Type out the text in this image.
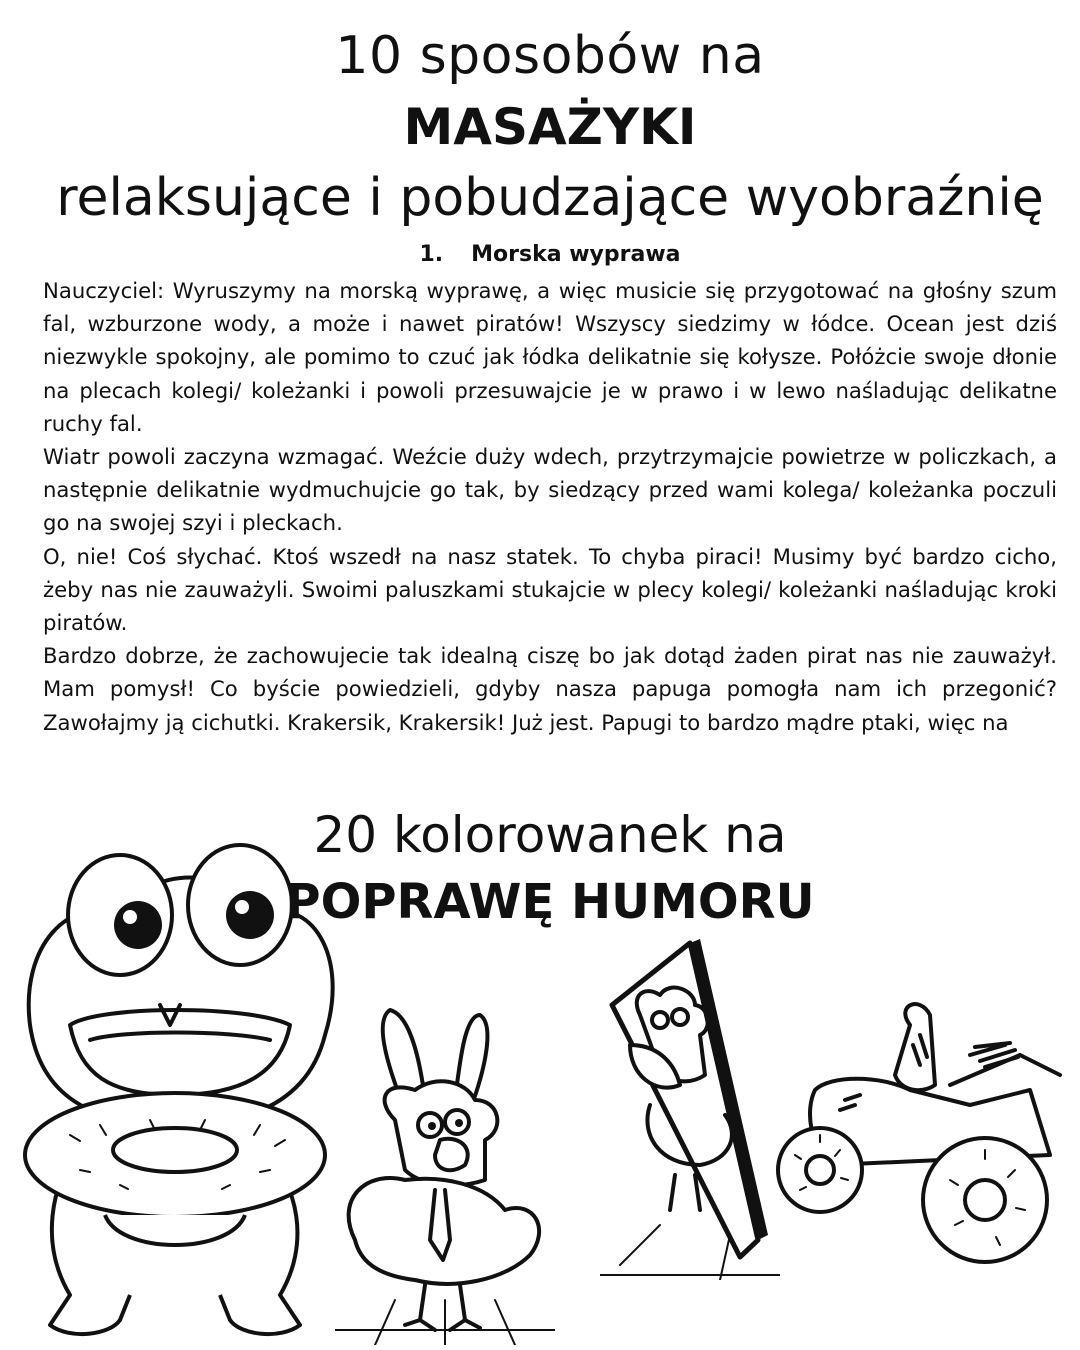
10 sposobów na
MASAŻYKI
relaksujące i pobudzające wyobraźnię
1. Morska wyprawa

Nauczyciel: Wyruszymy na morską wyprawę, a więc musicie się przygotować na głośny szum fal, wzburzone wody, a może i nawet piratów! Wszyscy siedzimy w łódce. Ocean jest dziś niezwykle spokojny, ale pomimo to czuć jak łódka delikatnie się kołysze. Połóżcie swoje dłonie na plecach kolegi/ koleżanki i powoli przesuwajcie je w prawo i w lewo naśladując delikatne ruchy fal.

Wiatr powoli zaczyna wzmagać. Weźcie duży wdech, przytrzymajcie powietrze w policzkach, a następnie delikatnie wydmuchujcie go tak, by siedzący przed wami kolega/ koleżanka poczuli go na swojej szyi i pleckach.

O, nie! Coś słychać. Ktoś wszedł na nasz statek. To chyba piraci! Musimy być bardzo cicho, żeby nas nie zauważyli. Swoimi paluszkami stukajcie w plecy kolegi/ koleżanki naśladując kroki piratów.

Bardzo dobrze, że zachowujecie tak idealną ciszę bo jak dotąd żaden pirat nas nie zauważył. Mam pomysł! Co byście powiedzieli, gdyby nasza papuga pomogła nam ich przegonić? Zawołajmy ją cichutki. Krakersik, Krakersik! Już jest. Papugi to bardzo mądre ptaki, więc na

20 kolorowanek na
POPRAWĘ HUMORU
